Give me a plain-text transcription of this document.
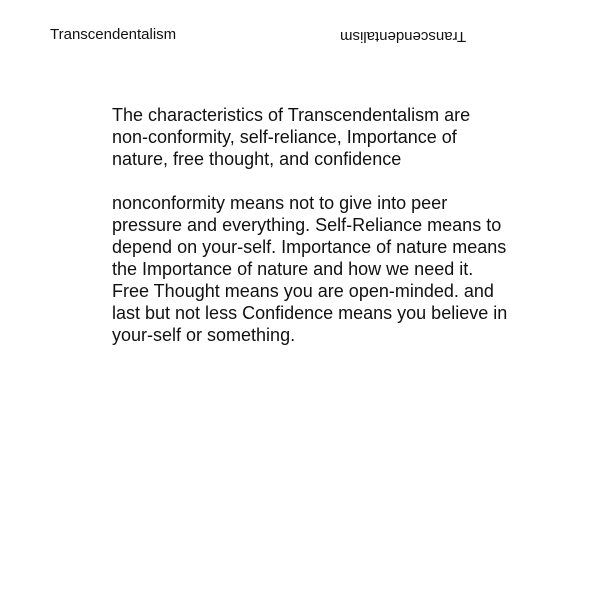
Transcendentalism	Transcendentalism

The characteristics of Transcendentalism are
non-conformity, self-reliance, Importance of
nature, free thought, and confidence

nonconformity means not to give into peer
pressure and everything. Self-Reliance means to
depend on your-self. Importance of nature means
the Importance of nature and how we need it.
Free Thought means you are open-minded. and
last but not less Confidence means you believe in
your-self or something.
